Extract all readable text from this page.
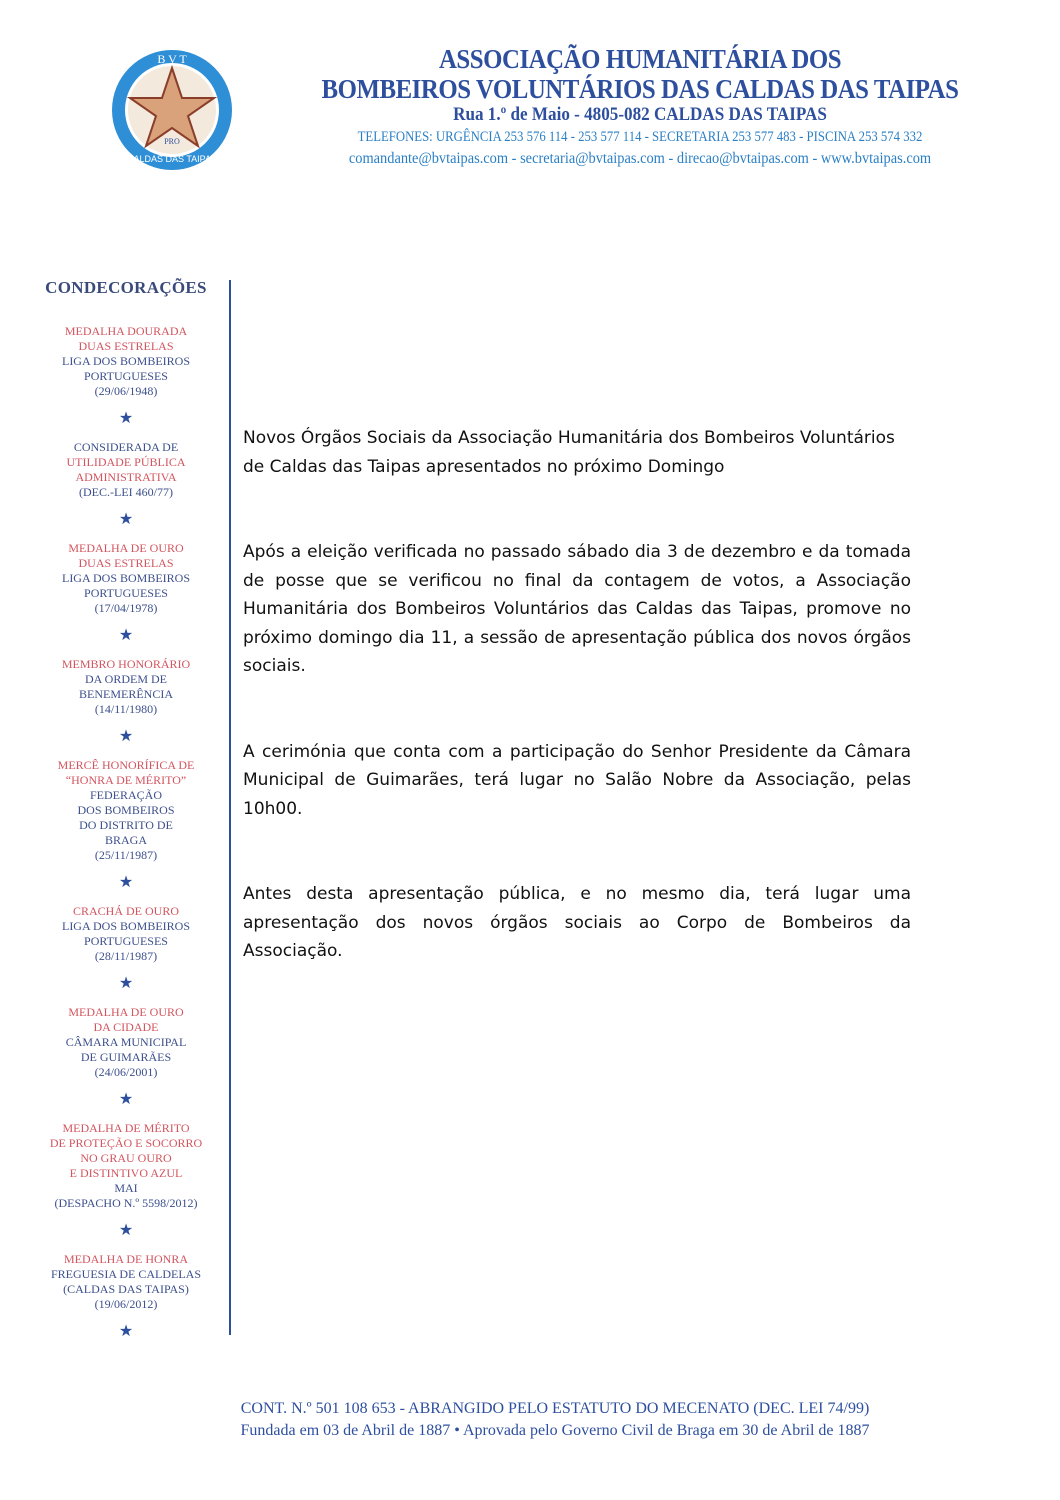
B V T
CALDAS DAS TAIPAS
PRO
ASSOCIAÇÃO HUMANITÁRIA DOS
BOMBEIROS VOLUNTÁRIOS DAS CALDAS DAS TAIPAS
Rua 1.º de Maio - 4805-082 CALDAS DAS TAIPAS
TELEFONES: URGÊNCIA 253 576 114 - 253 577 114 - SECRETARIA 253 577 483 - PISCINA 253 574 332
comandante@bvtaipas.com - secretaria@bvtaipas.com - direcao@bvtaipas.com - www.bvtaipas.com
CONDECORAÇÕES
MEDALHA DOURADA
DUAS ESTRELAS
LIGA DOS BOMBEIROS
PORTUGUESES
(29/06/1948)
★
CONSIDERADA DE
UTILIDADE PÚBLICA
ADMINISTRATIVA
(DEC.-LEI 460/77)
★
MEDALHA DE OURO
DUAS ESTRELAS
LIGA DOS BOMBEIROS
PORTUGUESES
(17/04/1978)
★
MEMBRO HONORÁRIO
DA ORDEM DE
BENEMERÊNCIA
(14/11/1980)
★
MERCÊ HONORÍFICA DE
“HONRA DE MÉRITO”
FEDERAÇÃO
DOS BOMBEIROS
DO DISTRITO DE
BRAGA
(25/11/1987)
★
CRACHÁ DE OURO
LIGA DOS BOMBEIROS
PORTUGUESES
(28/11/1987)
★
MEDALHA DE OURO
DA CIDADE
CÂMARA MUNICIPAL
DE GUIMARÃES
(24/06/2001)
★
MEDALHA DE MÉRITO
DE PROTEÇÃO E SOCORRO
NO GRAU OURO
E DISTINTIVO AZUL
MAI
(DESPACHO N.º 5598/2012)
★
MEDALHA DE HONRA
FREGUESIA DE CALDELAS
(CALDAS DAS TAIPAS)
(19/06/2012)
★

Novos Órgãos Sociais da Associação Humanitária dos Bombeiros Voluntários de Caldas das Taipas apresentados no próximo Domingo

Após a eleição verificada no passado sábado dia 3 de dezembro e da tomada de posse que se verificou no final da contagem de votos, a Associação Humanitária dos Bombeiros Voluntários das Caldas das Taipas, promove no próximo domingo dia 11, a sessão de apresentação pública dos novos órgãos sociais.

A cerimónia que conta com a participação do Senhor Presidente da Câmara Municipal de Guimarães, terá lugar no Salão Nobre da Associação, pelas 10h00.

Antes desta apresentação pública, e no mesmo dia, terá lugar uma apresentação dos novos órgãos sociais ao Corpo de Bombeiros da Associação.

CONT. N.º 501 108 653 - ABRANGIDO PELO ESTATUTO DO MECENATO (DEC. LEI 74/99)
Fundada em 03 de Abril de 1887 • Aprovada pelo Governo Civil de Braga em 30 de Abril de 1887
